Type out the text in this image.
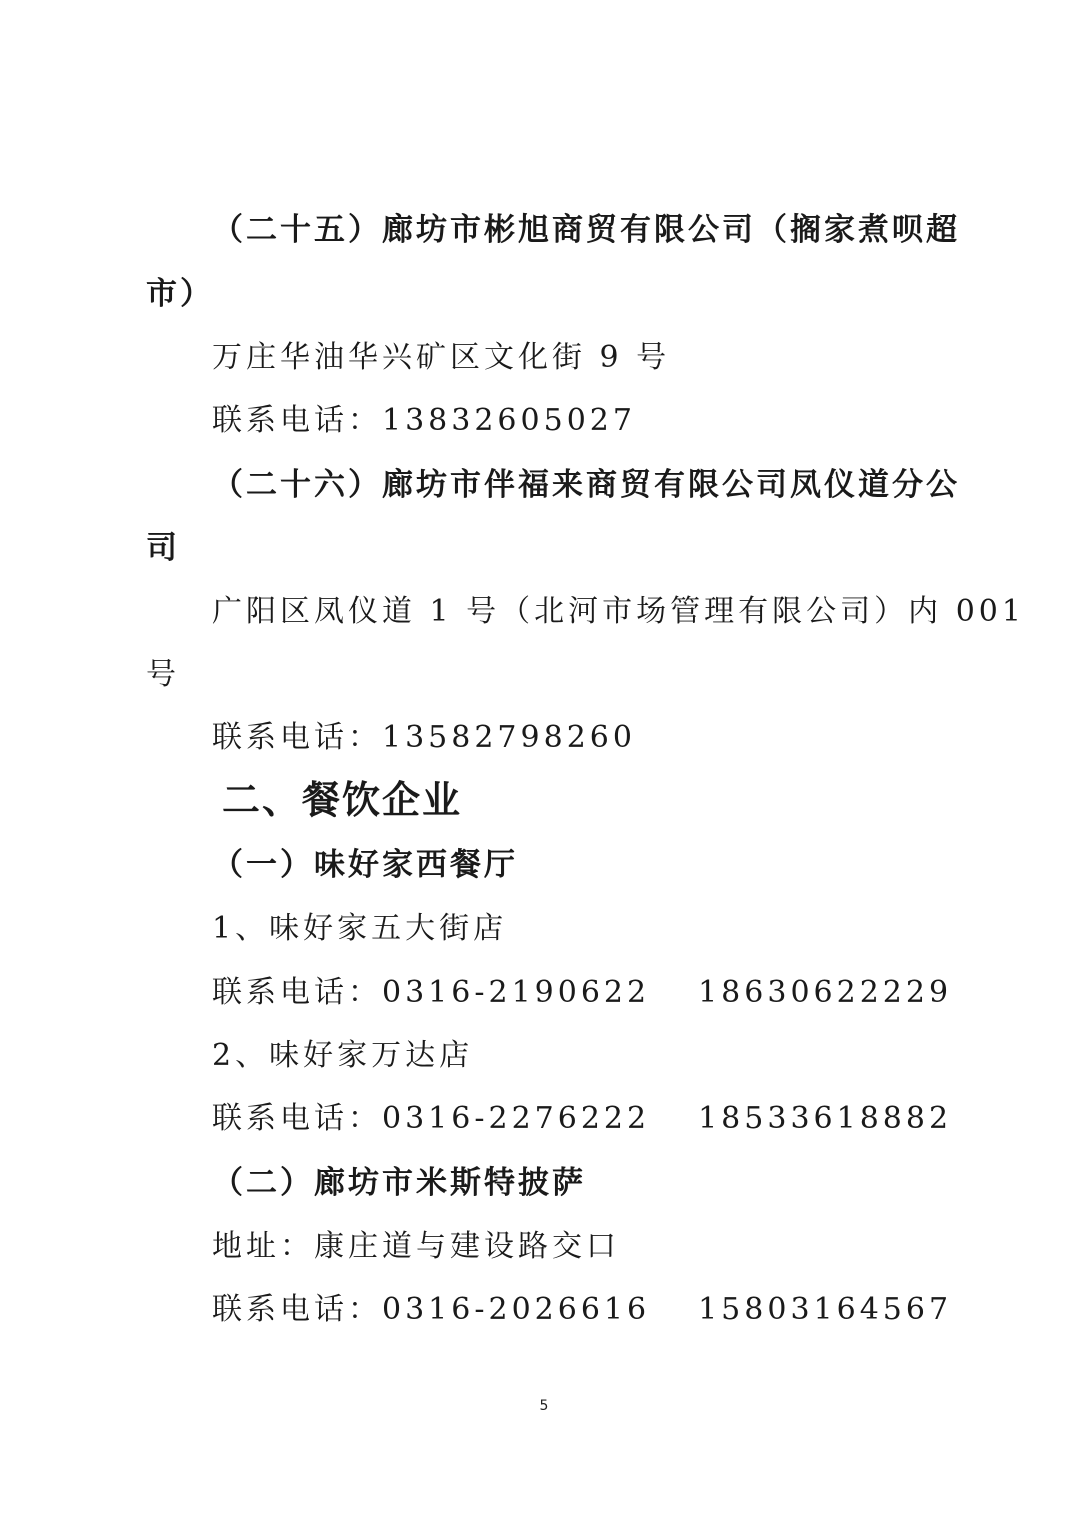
（二十五）廊坊市彬旭商贸有限公司（搁家煮呗超
市）
万庄华油华兴矿区文化街 9 号
联系电话：13832605027
（二十六）廊坊市伴福来商贸有限公司凤仪道分公
司
广阳区凤仪道 1 号（北河市场管理有限公司）内 001
号
联系电话：13582798260
二、餐饮企业
（一）味好家西餐厅
1、味好家五大街店
联系电话：0316-2190622 18630622229
2、味好家万达店
联系电话：0316-2276222 18533618882
（二）廊坊市米斯特披萨
地址：康庄道与建设路交口
联系电话：0316-2026616 15803164567
5
